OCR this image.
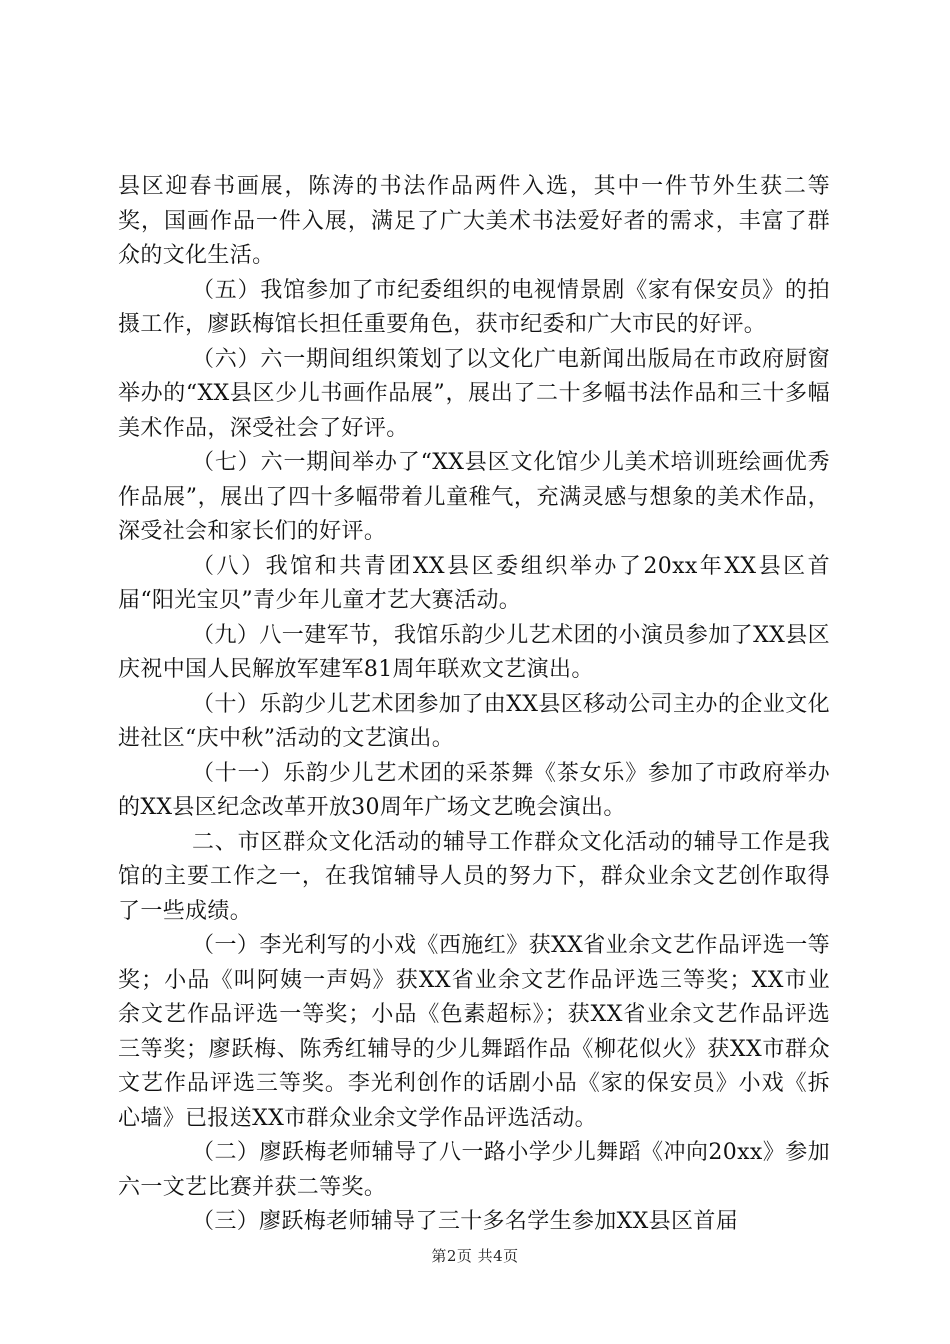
县区迎春书画展，陈涛的书法作品两件入选，其中一件节外生获二等奖，国画作品一件入展，满足了广大美术书法爱好者的需求，丰富了群众的文化生活。

（五）我馆参加了市纪委组织的电视情景剧《家有保安员》的拍摄工作，廖跃梅馆长担任重要角色，获市纪委和广大市民的好评。

（六）六一期间组织策划了以文化广电新闻出版局在市政府厨窗举办的“XX县区少儿书画作品展”，展出了二十多幅书法作品和三十多幅美术作品，深受社会了好评。

（七）六一期间举办了“XX县区文化馆少儿美术培训班绘画优秀作品展”，展出了四十多幅带着儿童稚气，充满灵感与想象的美术作品，深受社会和家长们的好评。

（八）我馆和共青团XX县区委组织举办了20xx年XX县区首届“阳光宝贝”青少年儿童才艺大赛活动。

（九）八一建军节，我馆乐韵少儿艺术团的小演员参加了XX县区庆祝中国人民解放军建军81周年联欢文艺演出。

（十）乐韵少儿艺术团参加了由XX县区移动公司主办的企业文化进社区“庆中秋”活动的文艺演出。

（十一）乐韵少儿艺术团的采茶舞《茶女乐》参加了市政府举办的XX县区纪念改革开放30周年广场文艺晚会演出。

二、市区群众文化活动的辅导工作群众文化活动的辅导工作是我馆的主要工作之一，在我馆辅导人员的努力下，群众业余文艺创作取得了一些成绩。

（一）李光利写的小戏《西施红》获XX省业余文艺作品评选一等奖；小品《叫阿姨一声妈》获XX省业余文艺作品评选三等奖；XX市业余文艺作品评选一等奖；小品《色素超标》；获XX省业余文艺作品评选三等奖；廖跃梅、陈秀红辅导的少儿舞蹈作品《柳花似火》获XX市群众文艺作品评选三等奖。李光利创作的话剧小品《家的保安员》小戏《拆心墙》已报送XX市群众业余文学作品评选活动。

（二）廖跃梅老师辅导了八一路小学少儿舞蹈《冲向20xx》参加六一文艺比赛并获二等奖。

（三）廖跃梅老师辅导了三十多名学生参加XX县区首届

第2页 共4页
